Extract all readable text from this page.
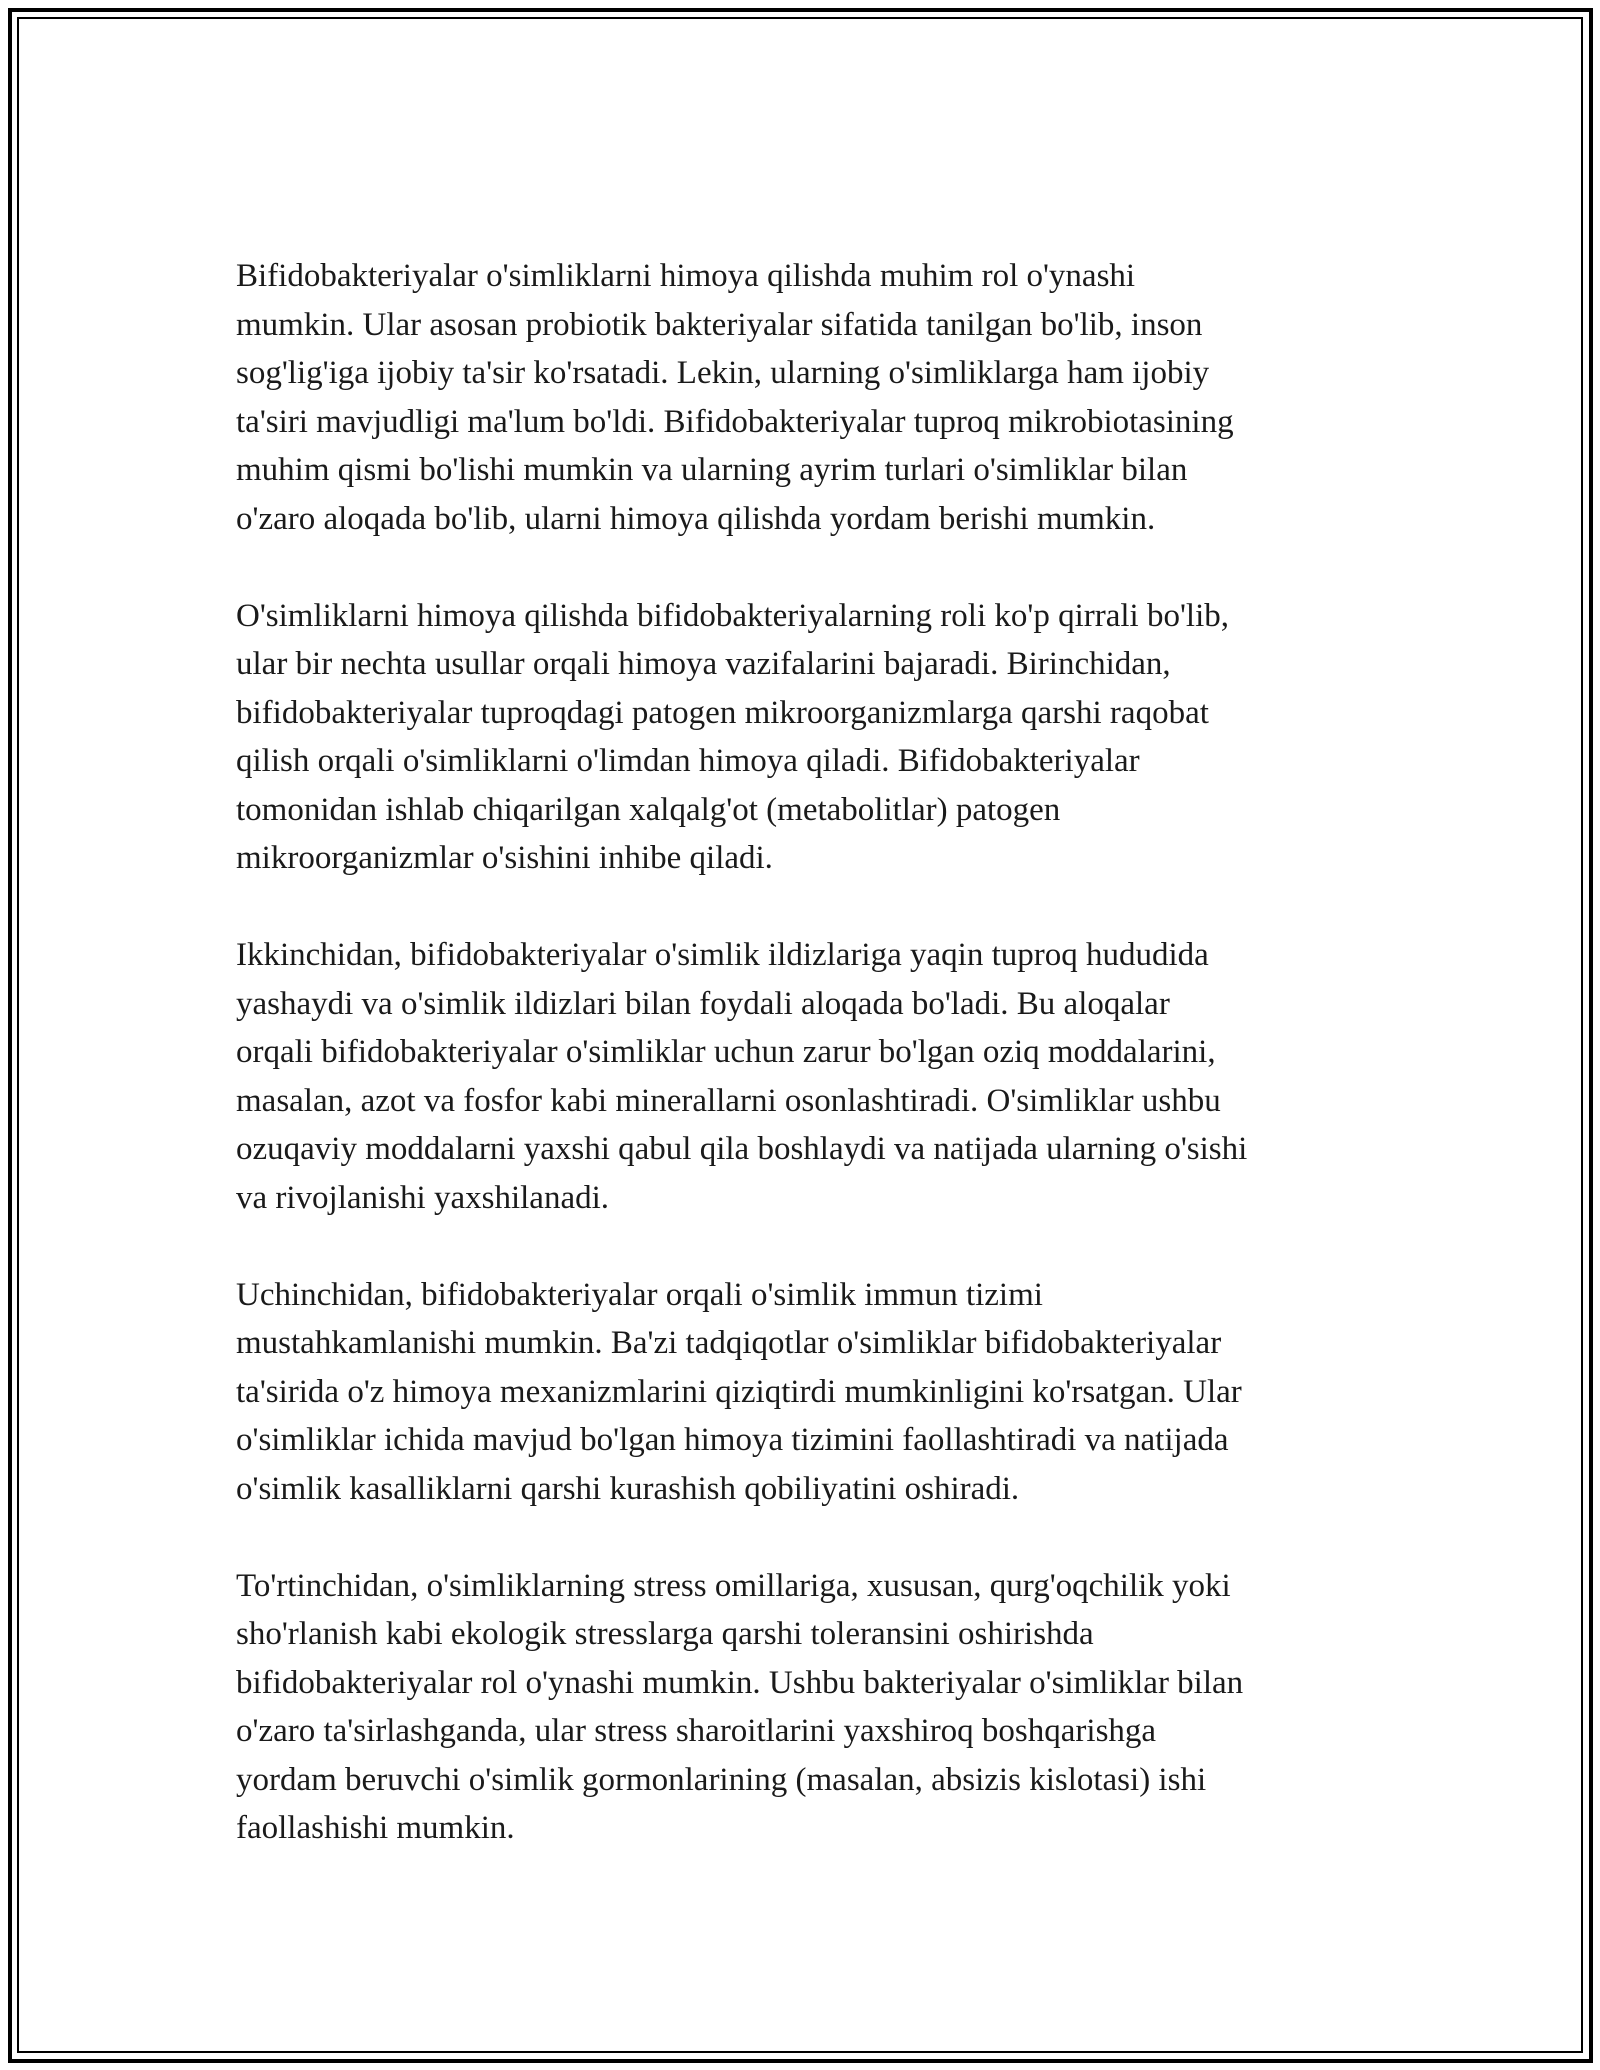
Bifidobakteriyalar o'simliklarni himoya qilishda muhim rol o'ynashi
mumkin. Ular asosan probiotik bakteriyalar sifatida tanilgan bo'lib, inson
sog'lig'iga ijobiy ta'sir ko'rsatadi. Lekin, ularning o'simliklarga ham ijobiy
ta'siri mavjudligi ma'lum bo'ldi. Bifidobakteriyalar tuproq mikrobiotasining
muhim qismi bo'lishi mumkin va ularning ayrim turlari o'simliklar bilan
o'zaro aloqada bo'lib, ularni himoya qilishda yordam berishi mumkin.

O'simliklarni himoya qilishda bifidobakteriyalarning roli ko'p qirrali bo'lib,
ular bir nechta usullar orqali himoya vazifalarini bajaradi. Birinchidan,
bifidobakteriyalar tuproqdagi patogen mikroorganizmlarga qarshi raqobat
qilish orqali o'simliklarni o'limdan himoya qiladi. Bifidobakteriyalar
tomonidan ishlab chiqarilgan xalqalg'ot (metabolitlar) patogen
mikroorganizmlar o'sishini inhibe qiladi.

Ikkinchidan, bifidobakteriyalar o'simlik ildizlariga yaqin tuproq hududida
yashaydi va o'simlik ildizlari bilan foydali aloqada bo'ladi. Bu aloqalar
orqali bifidobakteriyalar o'simliklar uchun zarur bo'lgan oziq moddalarini,
masalan, azot va fosfor kabi minerallarni osonlashtiradi. O'simliklar ushbu
ozuqaviy moddalarni yaxshi qabul qila boshlaydi va natijada ularning o'sishi
va rivojlanishi yaxshilanadi.

Uchinchidan, bifidobakteriyalar orqali o'simlik immun tizimi
mustahkamlanishi mumkin. Ba'zi tadqiqotlar o'simliklar bifidobakteriyalar
ta'sirida o'z himoya mexanizmlarini qiziqtirdi mumkinligini ko'rsatgan. Ular
o'simliklar ichida mavjud bo'lgan himoya tizimini faollashtiradi va natijada
o'simlik kasalliklarni qarshi kurashish qobiliyatini oshiradi.

To'rtinchidan, o'simliklarning stress omillariga, xususan, qurg'oqchilik yoki
sho'rlanish kabi ekologik stresslarga qarshi toleransini oshirishda
bifidobakteriyalar rol o'ynashi mumkin. Ushbu bakteriyalar o'simliklar bilan
o'zaro ta'sirlashganda, ular stress sharoitlarini yaxshiroq boshqarishga
yordam beruvchi o'simlik gormonlarining (masalan, absizis kislotasi) ishi
faollashishi mumkin.
